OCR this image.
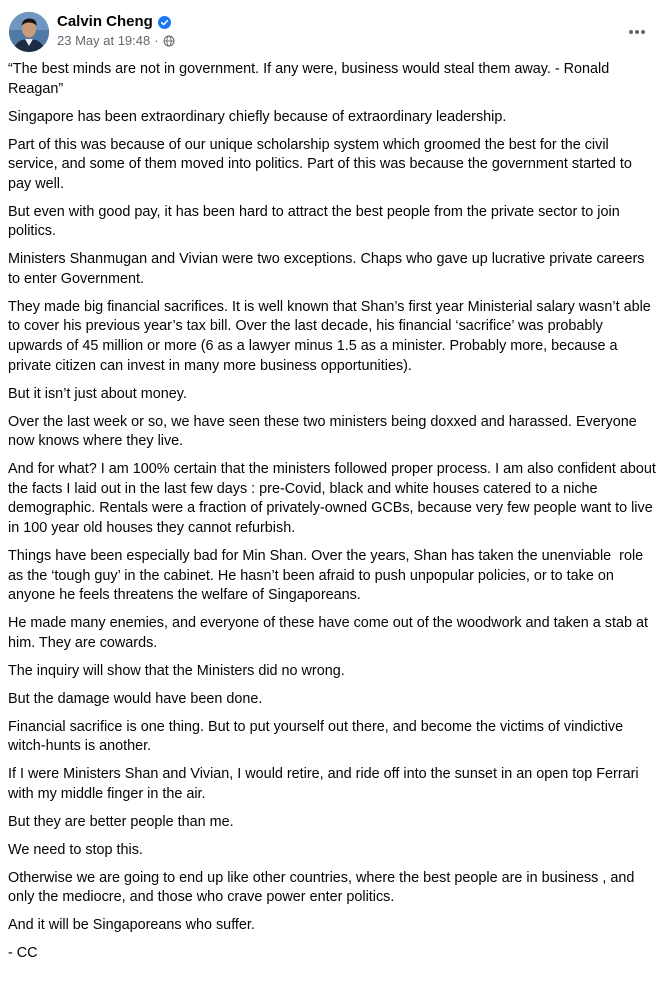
Calvin Cheng
23 May at 19:48 ·

“The best minds are not in government. If any were, business would steal them away. - Ronald Reagan”

Singapore has been extraordinary chiefly because of extraordinary leadership.

Part of this was because of our unique scholarship system which groomed the best for the civil service, and some of them moved into politics. Part of this was because the government started to pay well.

But even with good pay, it has been hard to attract the best people from the private sector to join politics.

Ministers Shanmugan and Vivian were two exceptions. Chaps who gave up lucrative private careers to enter Government.

They made big financial sacrifices. It is well known that Shan’s first year Ministerial salary wasn’t able to cover his previous year’s tax bill. Over the last decade, his financial ‘sacrifice’ was probably upwards of 45 million or more (6 as a lawyer minus 1.5 as a minister. Probably more, because a private citizen can invest in many more business opportunities).

But it isn’t just about money.

Over the last week or so, we have seen these two ministers being doxxed and harassed. Everyone now knows where they live.

And for what? I am 100% certain that the ministers followed proper process. I am also confident about the facts I laid out in the last few days : pre-Covid, black and white houses catered to a niche demographic. Rentals were a fraction of privately-owned GCBs, because very few people want to live in 100 year old houses they cannot refurbish.

Things have been especially bad for Min Shan. Over the years, Shan has taken the unenviable  role as the ‘tough guy’ in the cabinet. He hasn’t been afraid to push unpopular policies, or to take on anyone he feels threatens the welfare of Singaporeans.

He made many enemies, and everyone of these have come out of the woodwork and taken a stab at him. They are cowards.

The inquiry will show that the Ministers did no wrong.

But the damage would have been done.

Financial sacrifice is one thing. But to put yourself out there, and become the victims of vindictive witch-hunts is another.

If I were Ministers Shan and Vivian, I would retire, and ride off into the sunset in an open top Ferrari with my middle finger in the air.

But they are better people than me.

We need to stop this.

Otherwise we are going to end up like other countries, where the best people are in business , and only the mediocre, and those who crave power enter politics.

And it will be Singaporeans who suffer.

- CC
